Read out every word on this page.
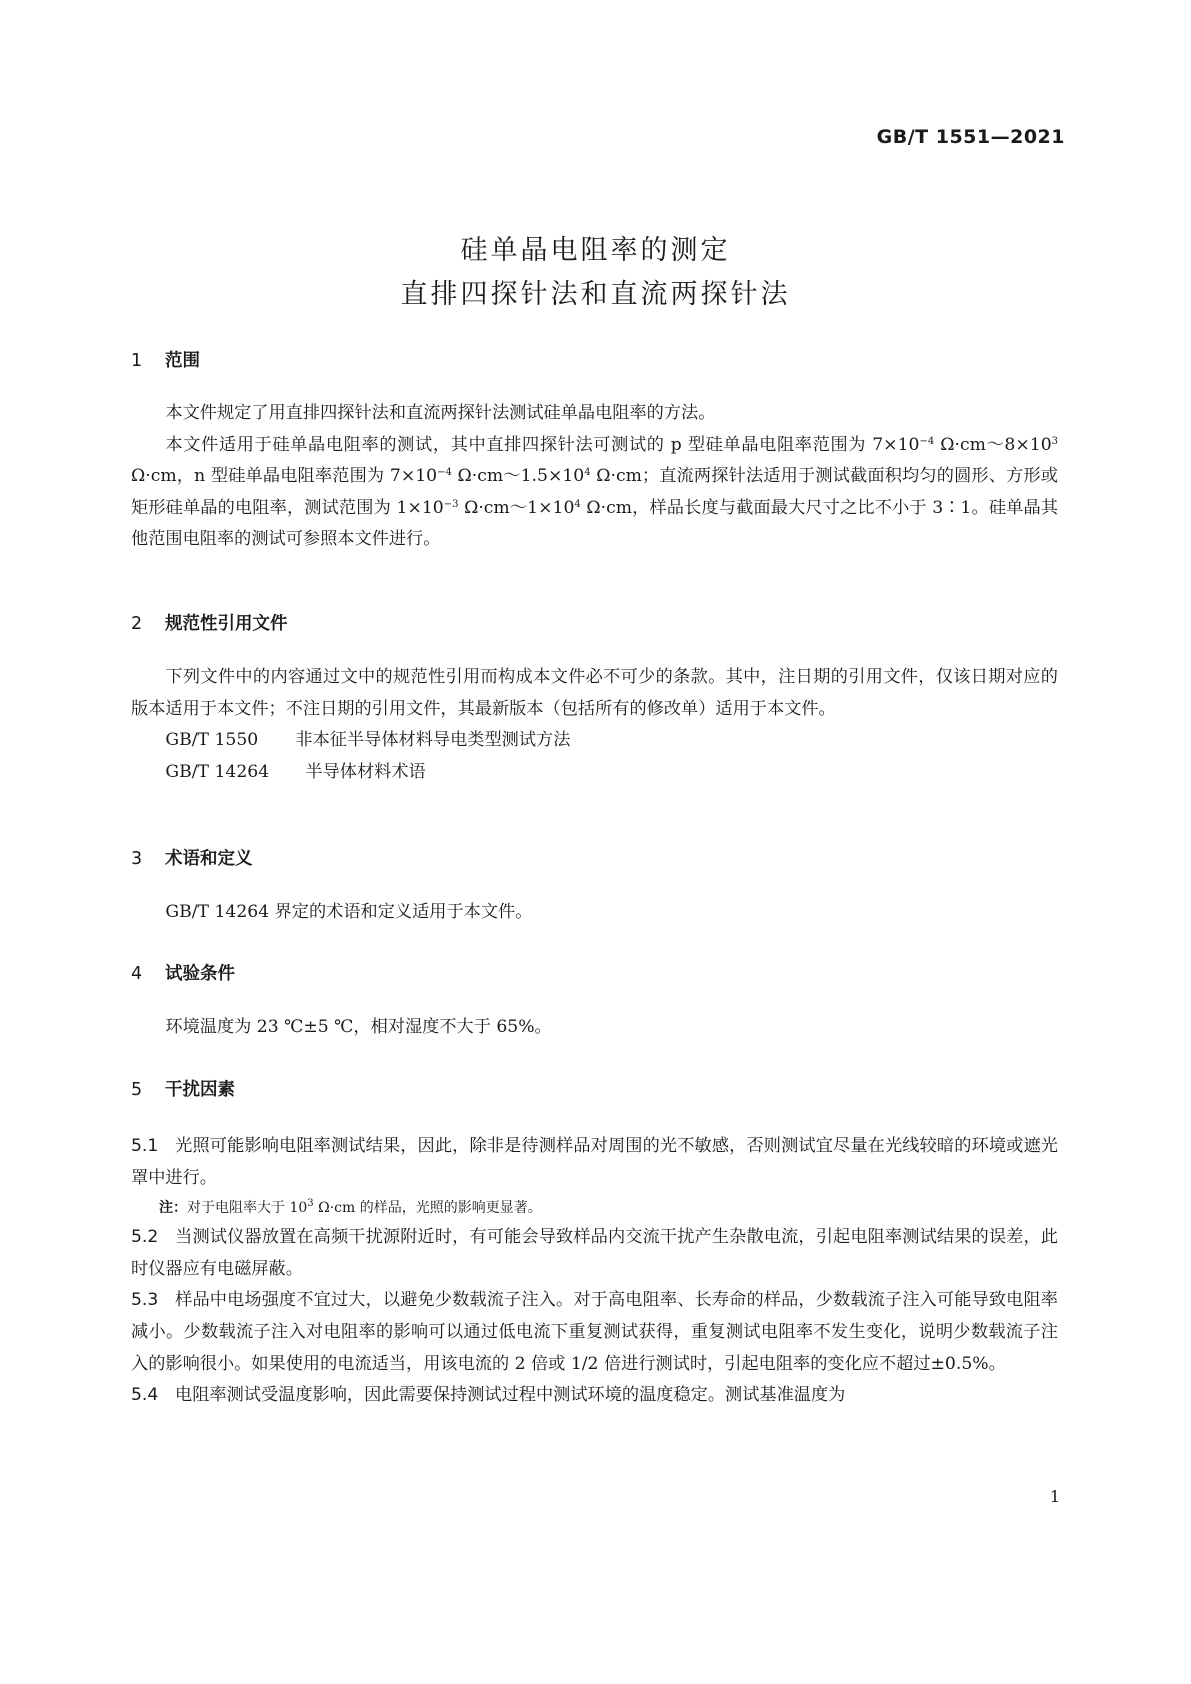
GB/T 1551—2021
硅单晶电阻率的测定
直排四探针法和直流两探针法
1 范围

本文件规定了用直排四探针法和直流两探针法测试硅单晶电阻率的方法。

本文件适用于硅单晶电阻率的测试，其中直排四探针法可测试的 p 型硅单晶电阻率范围为 $7\times 10^{-4}$ $\Omega\cdot cm\sim 8\times 10^3$ Ω·cm，n 型硅单晶电阻率范围为 $7\times 10^{-4}$ $\Omega\cdot cm\sim 1.5\times 10^4$ Ω·cm；直流两探针法适用于测试截面积均匀的圆形、方形或矩形硅单晶的电阻率，测试范围为 $1\times 10^{-3}$ $\Omega\cdot cm\sim 1\times 10^4$ Ω·cm，样品长度与截面最大尺寸之比不小于 3∶1。硅单晶其他范围电阻率的测试可参照本文件进行。

2 规范性引用文件

下列文件中的内容通过文中的规范性引用而构成本文件必不可少的条款。其中，注日期的引用文件，仅该日期对应的版本适用于本文件；不注日期的引用文件，其最新版本（包括所有的修改单）适用于本文件。

GB/T 1550 非本征半导体材料导电类型测试方法

GB/T 14264 半导体材料术语

3 术语和定义

GB/T 14264 界定的术语和定义适用于本文件。

4 试验条件

环境温度为 23 ℃±5 ℃，相对湿度不大于 65%。

5 干扰因素

5.1 光照可能影响电阻率测试结果，因此，除非是待测样品对周围的光不敏感，否则测试宜尽量在光线较暗的环境或遮光罩中进行。

注：对于电阻率大于 $10^3$ Ω·cm 的样品，光照的影响更显著。

5.2 当测试仪器放置在高频干扰源附近时，有可能会导致样品内交流干扰产生杂散电流，引起电阻率测试结果的误差，此时仪器应有电磁屏蔽。

5.3 样品中电场强度不宜过大，以避免少数载流子注入。对于高电阻率、长寿命的样品，少数载流子注入可能导致电阻率减小。少数载流子注入对电阻率的影响可以通过低电流下重复测试获得，重复测试电阻率不发生变化，说明少数载流子注入的影响很小。如果使用的电流适当，用该电流的 2 倍或 1/2 倍进行测试时，引起电阻率的变化应不超过±0.5%。

5.4 电阻率测试受温度影响，因此需要保持测试过程中测试环境的温度稳定。测试基准温度为

1
